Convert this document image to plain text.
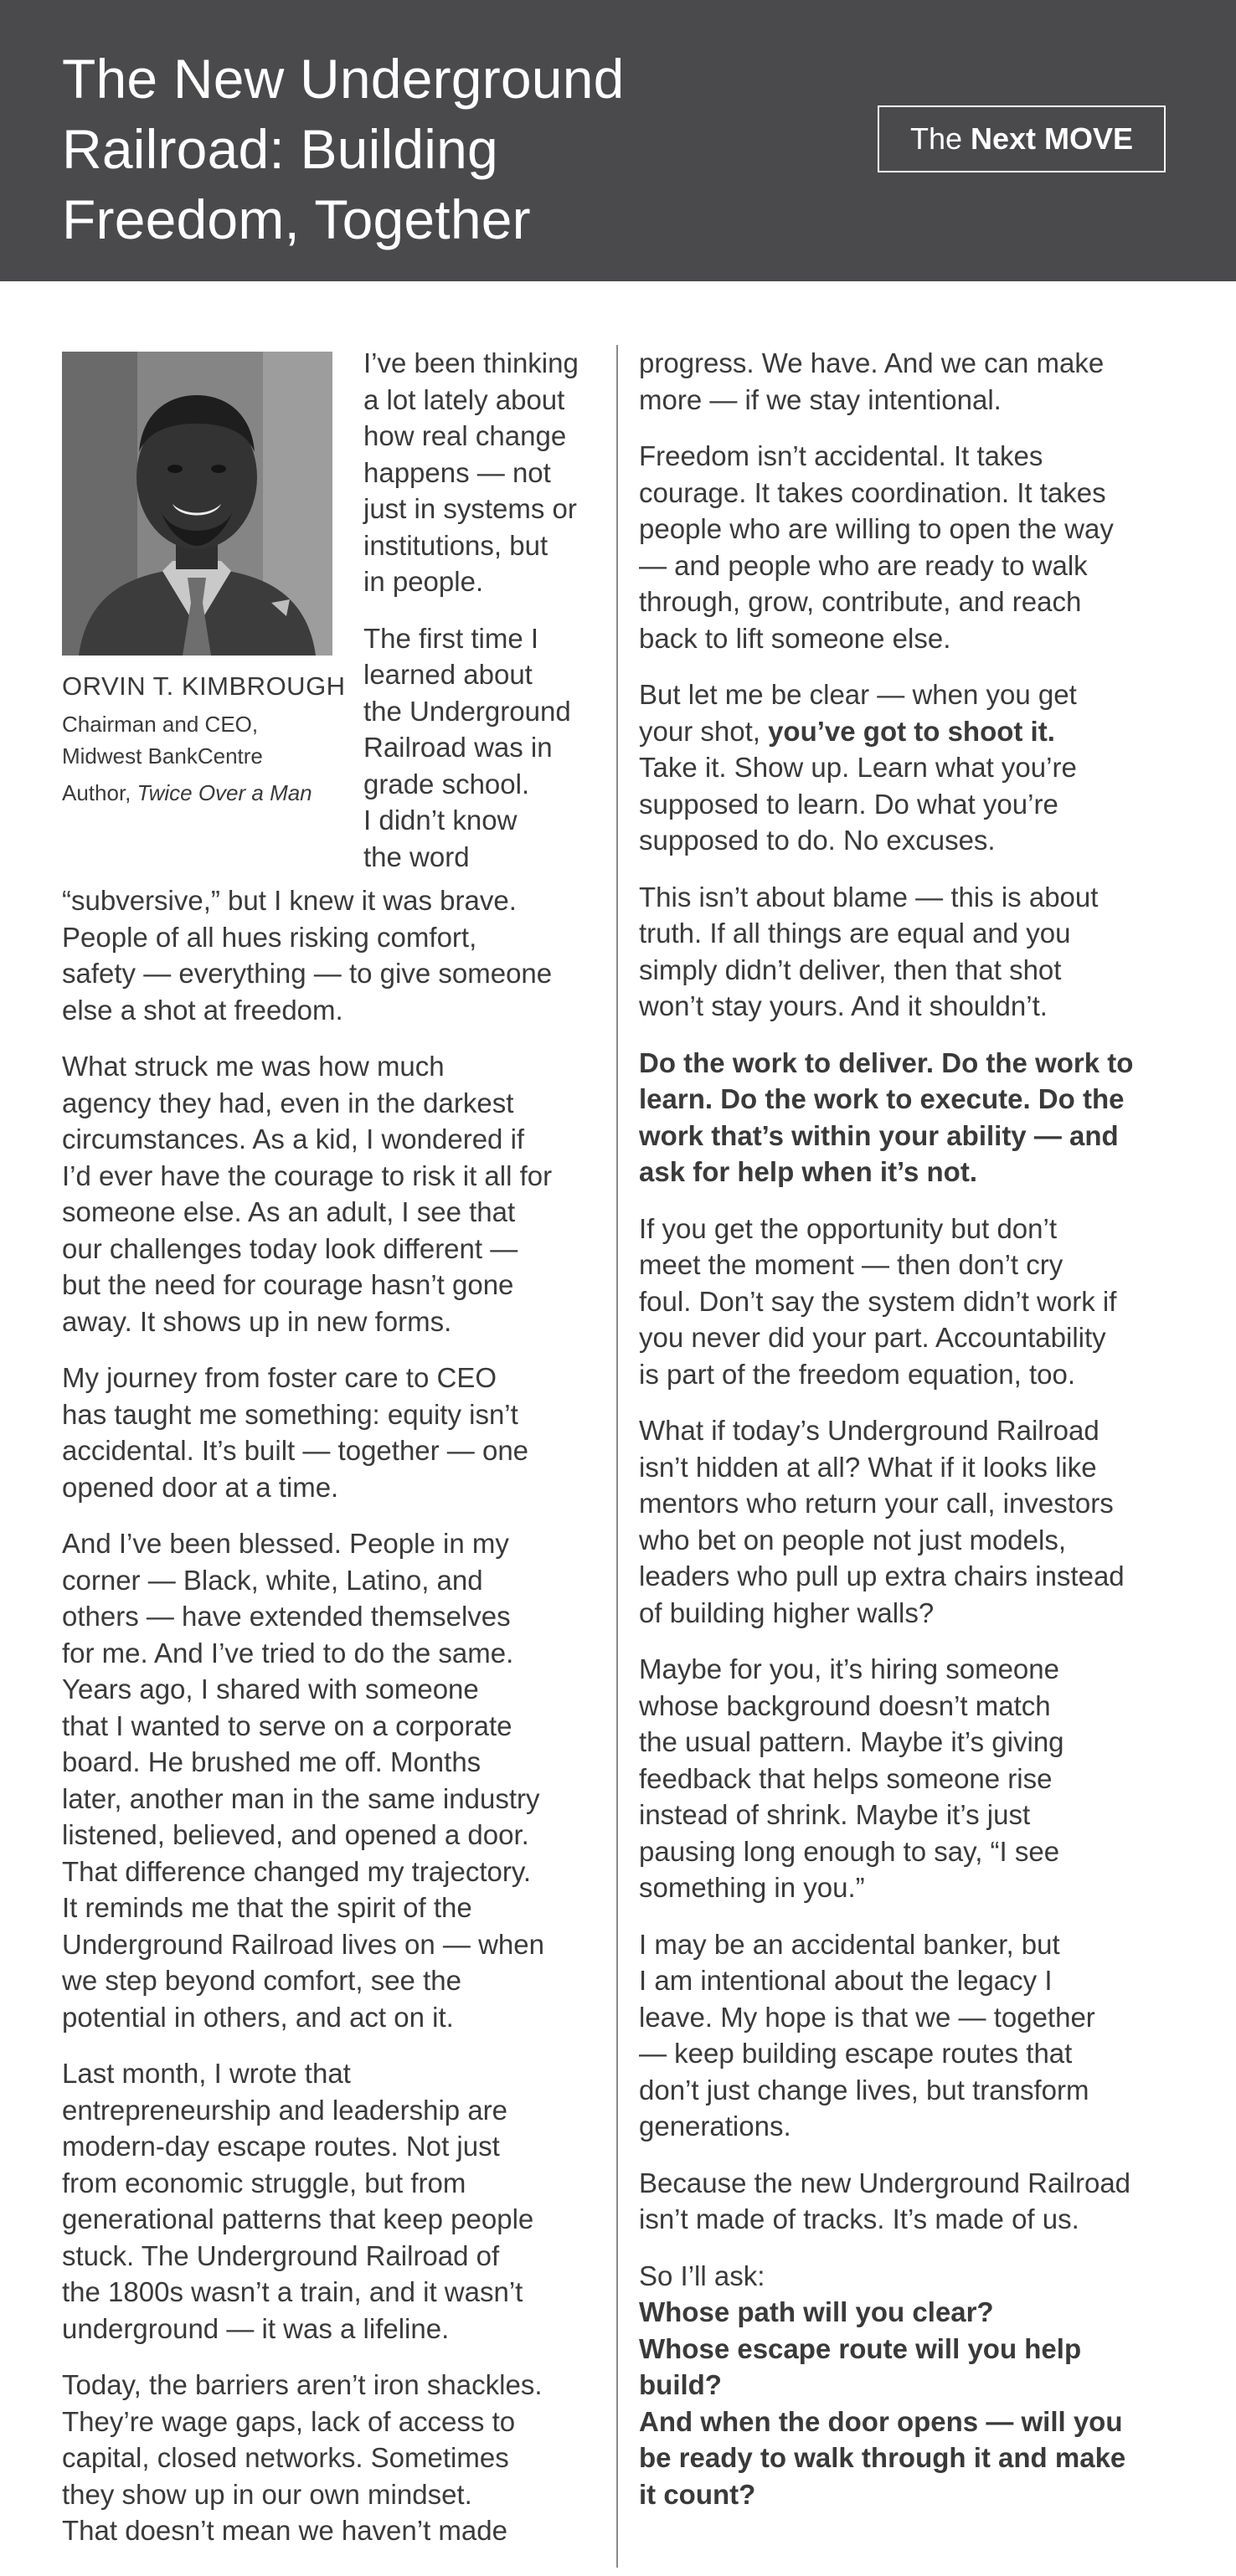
The New Underground
Railroad: Building
Freedom, Together
The Next MOVE
ORVIN T. KIMBROUGH
Chairman and CEO,
Midwest BankCentre
Author, Twice Over a Man
I’ve been thinking
a lot lately about
how real change
happens — not
just in systems or
institutions, but
in people.
The first time I
learned about
the Underground
Railroad was in
grade school.
I didn’t know
the word
“subversive,” but I knew it was brave.
People of all hues risking comfort,
safety — everything — to give someone
else a shot at freedom.
What struck me was how much
agency they had, even in the darkest
circumstances. As a kid, I wondered if
I’d ever have the courage to risk it all for
someone else. As an adult, I see that
our challenges today look different —
but the need for courage hasn’t gone
away. It shows up in new forms.
My journey from foster care to CEO
has taught me something: equity isn’t
accidental. It’s built — together — one
opened door at a time.
And I’ve been blessed. People in my
corner — Black, white, Latino, and
others — have extended themselves
for me. And I’ve tried to do the same.
Years ago, I shared with someone
that I wanted to serve on a corporate
board. He brushed me off. Months
later, another man in the same industry
listened, believed, and opened a door.
That difference changed my trajectory.
It reminds me that the spirit of the
Underground Railroad lives on — when
we step beyond comfort, see the
potential in others, and act on it.
Last month, I wrote that
entrepreneurship and leadership are
modern-day escape routes. Not just
from economic struggle, but from
generational patterns that keep people
stuck. The Underground Railroad of
the 1800s wasn’t a train, and it wasn’t
underground — it was a lifeline.
Today, the barriers aren’t iron shackles.
They’re wage gaps, lack of access to
capital, closed networks. Sometimes
they show up in our own mindset.
That doesn’t mean we haven’t made
progress. We have. And we can make
more — if we stay intentional.
Freedom isn’t accidental. It takes
courage. It takes coordination. It takes
people who are willing to open the way
— and people who are ready to walk
through, grow, contribute, and reach
back to lift someone else.
But let me be clear — when you get
your shot, you’ve got to shoot it.
Take it. Show up. Learn what you’re
supposed to learn. Do what you’re
supposed to do. No excuses.
This isn’t about blame — this is about
truth. If all things are equal and you
simply didn’t deliver, then that shot
won’t stay yours. And it shouldn’t.
Do the work to deliver. Do the work to
learn. Do the work to execute. Do the
work that’s within your ability — and
ask for help when it’s not.
If you get the opportunity but don’t
meet the moment — then don’t cry
foul. Don’t say the system didn’t work if
you never did your part. Accountability
is part of the freedom equation, too.
What if today’s Underground Railroad
isn’t hidden at all? What if it looks like
mentors who return your call, investors
who bet on people not just models,
leaders who pull up extra chairs instead
of building higher walls?
Maybe for you, it’s hiring someone
whose background doesn’t match
the usual pattern. Maybe it’s giving
feedback that helps someone rise
instead of shrink. Maybe it’s just
pausing long enough to say, “I see
something in you.”
I may be an accidental banker, but
I am intentional about the legacy I
leave. My hope is that we — together
— keep building escape routes that
don’t just change lives, but transform
generations.
Because the new Underground Railroad
isn’t made of tracks. It’s made of us.
So I’ll ask:
Whose path will you clear?
Whose escape route will you help
build?
And when the door opens — will you
be ready to walk through it and make
it count?
